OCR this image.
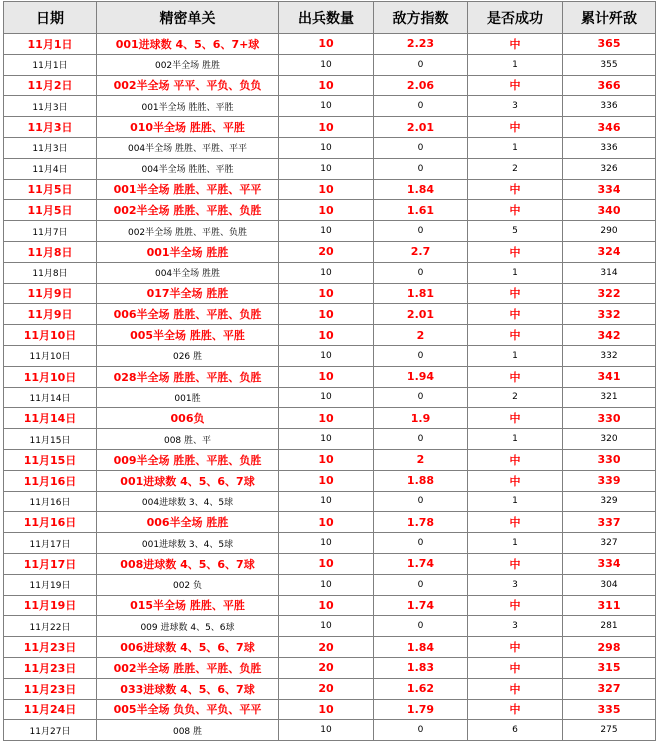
日期	精密单关	出兵数量	敌方指数	是否成功	累计歼敌
11月1日	001进球数 4、5、6、7+球	10	2.23	中	365
11月1日	002半全场 胜胜	10	0	1	355
11月2日	002半全场 平平、平负、负负	10	2.06	中	366
11月3日	001半全场 胜胜、平胜	10	0	3	336
11月3日	010半全场 胜胜、平胜	10	2.01	中	346
11月3日	004半全场 胜胜、平胜、平平	10	0	1	336
11月4日	004半全场 胜胜、平胜	10	0	2	326
11月5日	001半全场 胜胜、平胜、平平	10	1.84	中	334
11月5日	002半全场 胜胜、平胜、负胜	10	1.61	中	340
11月7日	002半全场 胜胜、平胜、负胜	10	0	5	290
11月8日	001半全场 胜胜	20	2.7	中	324
11月8日	004半全场 胜胜	10	0	1	314
11月9日	017半全场 胜胜	10	1.81	中	322
11月9日	006半全场 胜胜、平胜、负胜	10	2.01	中	332
11月10日	005半全场 胜胜、平胜	10	2	中	342
11月10日	026 胜	10	0	1	332
11月10日	028半全场 胜胜、平胜、负胜	10	1.94	中	341
11月14日	001胜	10	0	2	321
11月14日	006负	10	1.9	中	330
11月15日	008 胜、平	10	0	1	320
11月15日	009半全场 胜胜、平胜、负胜	10	2	中	330
11月16日	001进球数 4、5、6、7球	10	1.88	中	339
11月16日	004进球数 3、4、5球	10	0	1	329
11月16日	006半全场 胜胜	10	1.78	中	337
11月17日	001进球数 3、4、5球	10	0	1	327
11月17日	008进球数 4、5、6、7球	10	1.74	中	334
11月19日	002 负	10	0	3	304
11月19日	015半全场 胜胜、平胜	10	1.74	中	311
11月22日	009 进球数 4、5、6球	10	0	3	281
11月23日	006进球数 4、5、6、7球	20	1.84	中	298
11月23日	002半全场 胜胜、平胜、负胜	20	1.83	中	315
11月23日	033进球数 4、5、6、7球	20	1.62	中	327
11月24日	005半全场 负负、平负、平平	10	1.79	中	335
11月27日	008 胜	10	0	6	275
